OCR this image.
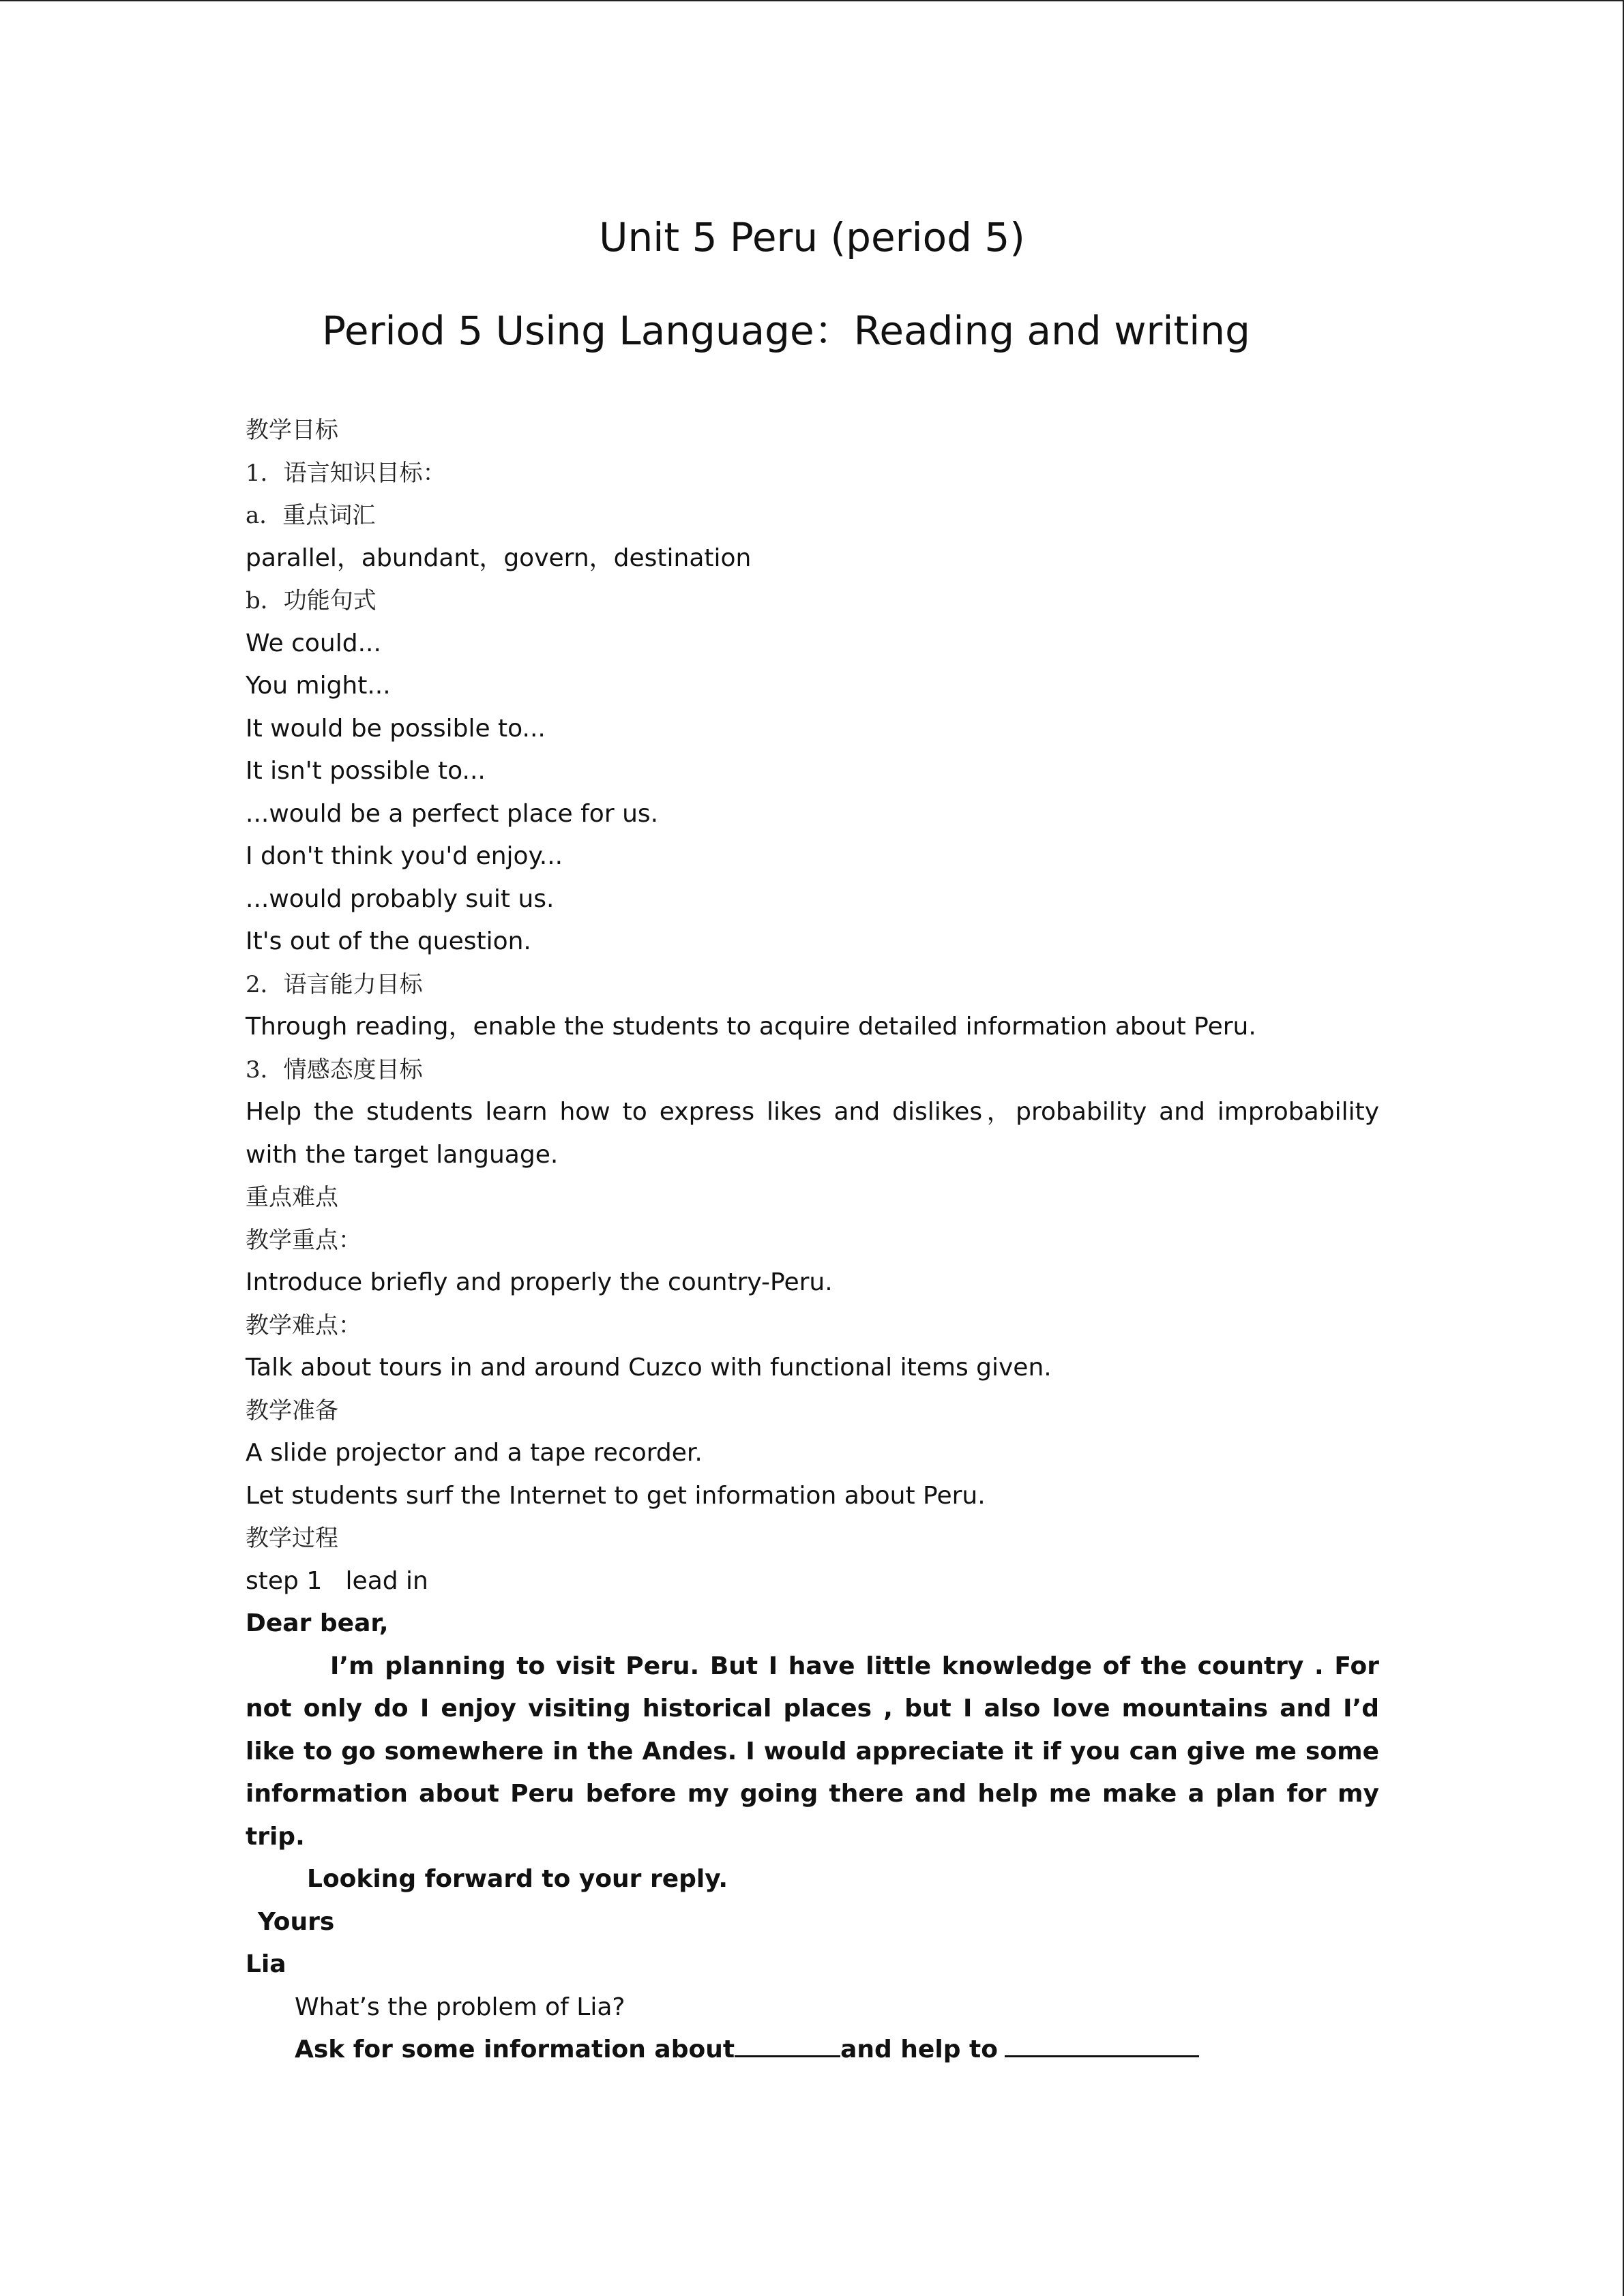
Unit 5 Peru (period 5)
Period 5 Using Language：Reading and writing

教学目标

1．语言知识目标：

a．重点词汇

parallel，abundant，govern，destination

b．功能句式

We could...

You might...

It would be possible to...

It isn't possible to...

...would be a perfect place for us.

I don't think you'd enjoy...

...would probably suit us.

It's out of the question.

2．语言能力目标

Through reading，enable the students to acquire detailed information about Peru.

3．情感态度目标

Help the students learn how to express likes and dislikes，probability and improbability with the target language.

重点难点

教学重点：

Introduce briefly and properly the country-Peru.

教学难点：

Talk about tours in and around Cuzco with functional items given.

教学准备

A slide projector and a tape recorder.

Let students surf the Internet to get information about Peru.

教学过程

step 1   lead in

Dear bear,

I’m planning to visit Peru. But I have little knowledge of the country . For not only do I enjoy visiting historical places , but I also love mountains and I’d like to go somewhere in the Andes. I would appreciate it if you can give me some information about Peru before my going there and help me make a plan for my trip.

Looking forward to your reply.

Yours

Lia

What’s the problem of Lia?

Ask for some information about	and help to
